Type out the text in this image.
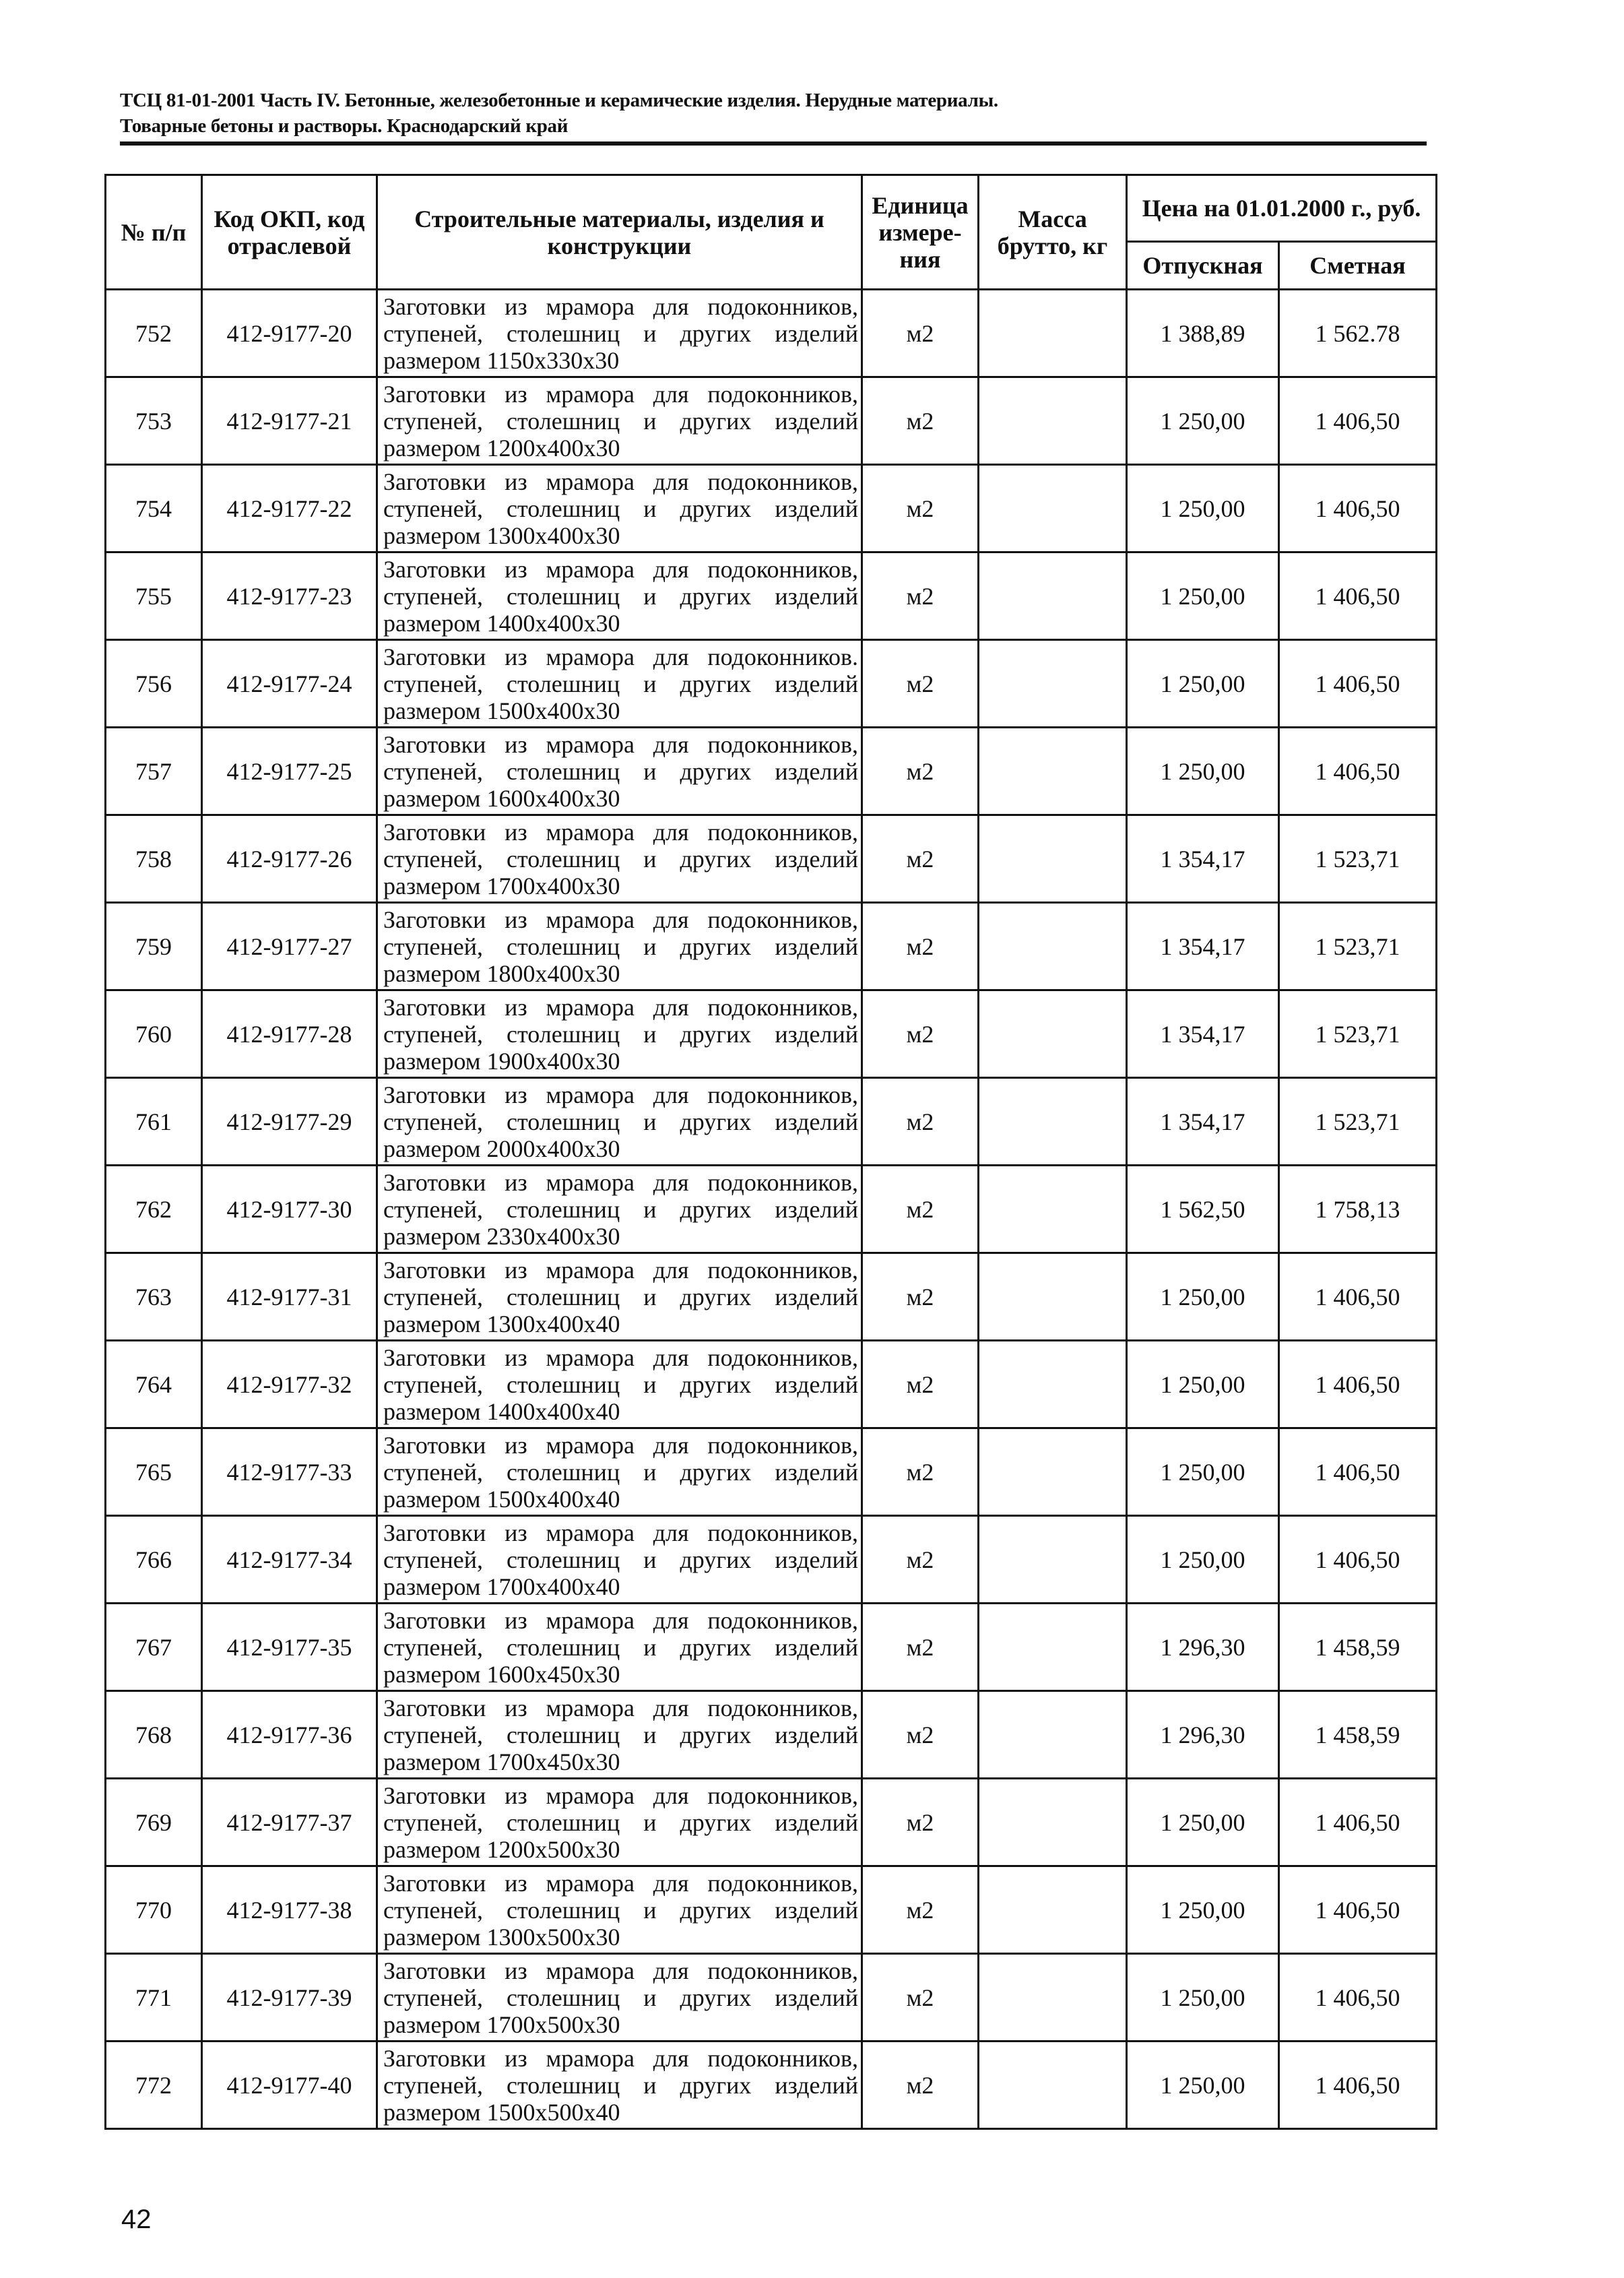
ТСЦ 81-01-2001 Часть IV. Бетонные, железобетонные и керамические изделия. Нерудные материалы.
Товарные бетоны и растворы. Краснодарский край
№ п/п	Код ОКП, код отраслевой	Строительные материалы, изделия и конструкции	Единица измере-ния	Масса брутто, кг	Цена на 01.01.2000 г., руб.	
					Отпускная	Сметная
752	412-9177-20	Заготовки из мрамора для подоконников, ступеней, столешниц и других изделий размером 1150х330х30	м2		1 388,89	1 562.78
753	412-9177-21	Заготовки из мрамора для подоконников, ступеней, столешниц и других изделий размером 1200х400х30	м2		1 250,00	1 406,50
754	412-9177-22	Заготовки из мрамора для подоконников, ступеней, столешниц и других изделий размером 1300х400х30	м2		1 250,00	1 406,50
755	412-9177-23	Заготовки из мрамора для подоконников, ступеней, столешниц и других изделий размером 1400х400х30	м2		1 250,00	1 406,50
756	412-9177-24	Заготовки из мрамора для подоконников. ступеней, столешниц и других изделий размером 1500х400х30	м2		1 250,00	1 406,50
757	412-9177-25	Заготовки из мрамора для подоконников, ступеней, столешниц и других изделий размером 1600х400х30	м2		1 250,00	1 406,50
758	412-9177-26	Заготовки из мрамора для подоконников, ступеней, столешниц и других изделий размером 1700х400х30	м2		1 354,17	1 523,71
759	412-9177-27	Заготовки из мрамора для подоконников, ступеней, столешниц и других изделий размером 1800х400х30	м2		1 354,17	1 523,71
760	412-9177-28	Заготовки из мрамора для подоконников, ступеней, столешниц и других изделий размером 1900х400х30	м2		1 354,17	1 523,71
761	412-9177-29	Заготовки из мрамора для подоконников, ступеней, столешниц и других изделий размером 2000х400х30	м2		1 354,17	1 523,71
762	412-9177-30	Заготовки из мрамора для подоконников, ступеней, столешниц и других изделий размером 2330х400х30	м2		1 562,50	1 758,13
763	412-9177-31	Заготовки из мрамора для подоконников, ступеней, столешниц и других изделий размером 1300х400х40	м2		1 250,00	1 406,50
764	412-9177-32	Заготовки из мрамора для подоконников, ступеней, столешниц и других изделий размером 1400х400х40	м2		1 250,00	1 406,50
765	412-9177-33	Заготовки из мрамора для подоконников, ступеней, столешниц и других изделий размером 1500х400х40	м2		1 250,00	1 406,50
766	412-9177-34	Заготовки из мрамора для подоконников, ступеней, столешниц и других изделий размером 1700х400х40	м2		1 250,00	1 406,50
767	412-9177-35	Заготовки из мрамора для подоконников, ступеней, столешниц и других изделий размером 1600х450х30	м2		1 296,30	1 458,59
768	412-9177-36	Заготовки из мрамора для подоконников, ступеней, столешниц и других изделий размером 1700х450х30	м2		1 296,30	1 458,59
769	412-9177-37	Заготовки из мрамора для подоконников, ступеней, столешниц и других изделий размером 1200х500х30	м2		1 250,00	1 406,50
770	412-9177-38	Заготовки из мрамора для подоконников, ступеней, столешниц и других изделий размером 1300х500х30	м2		1 250,00	1 406,50
771	412-9177-39	Заготовки из мрамора для подоконников, ступеней, столешниц и других изделий размером 1700х500х30	м2		1 250,00	1 406,50
772	412-9177-40	Заготовки из мрамора для подоконников, ступеней, столешниц и других изделий размером 1500х500х40	м2		1 250,00	1 406,50
42
